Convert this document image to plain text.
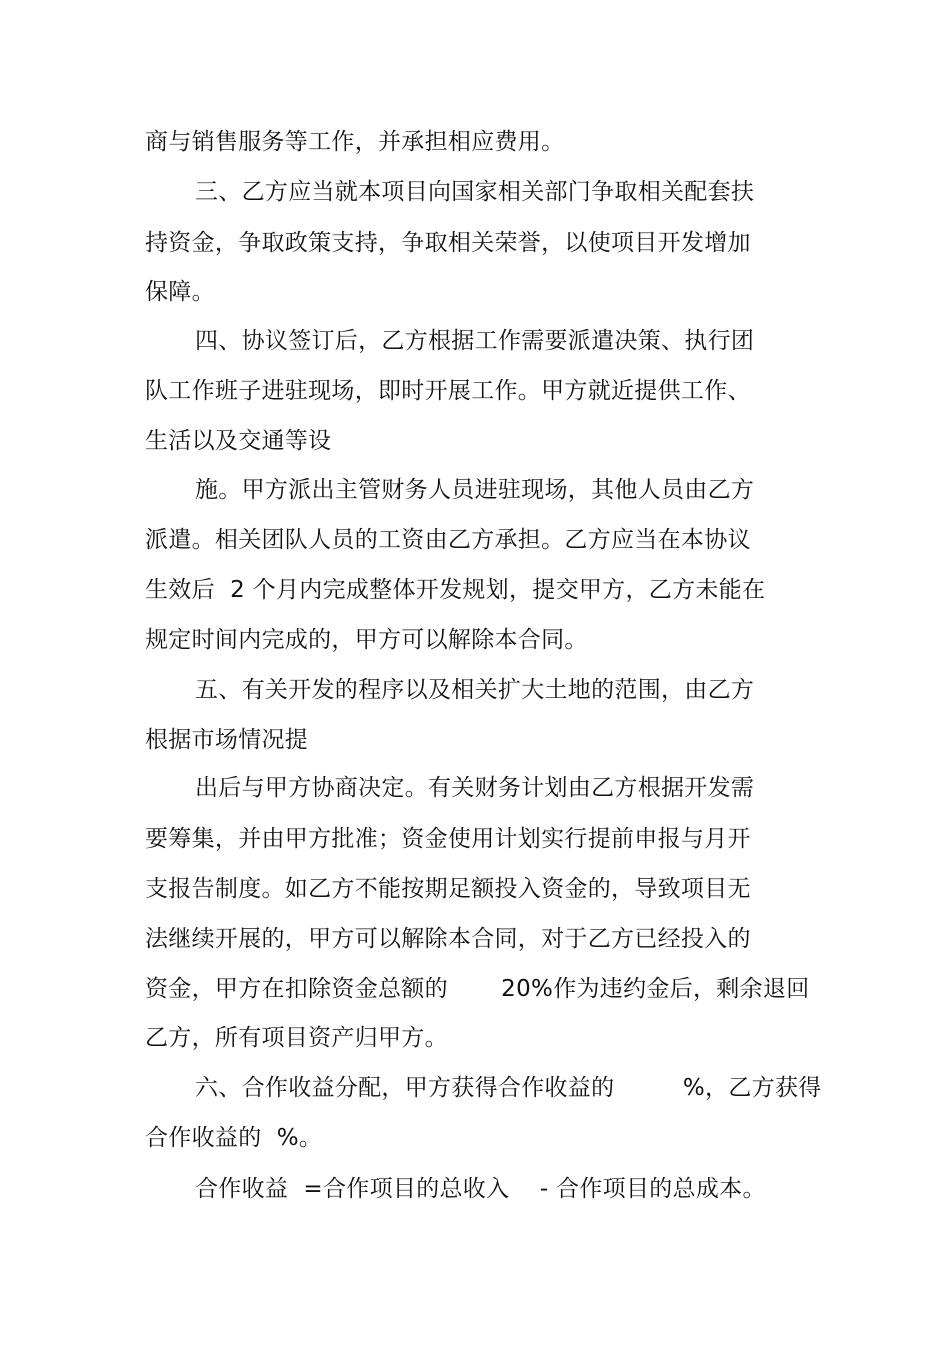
商与销售服务等工作，并承担相应费用。
三、乙方应当就本项目向国家相关部门争取相关配套扶
持资金，争取政策支持，争取相关荣誉，以使项目开发增加
保障。
四、协议签订后，乙方根据工作需要派遣决策、执行团
队工作班子进驻现场，即时开展工作。甲方就近提供工作、
生活以及交通等设
施。甲方派出主管财务人员进驻现场，其他人员由乙方
派遣。相关团队人员的工资由乙方承担。乙方应当在本协议
生效后  2 个月内完成整体开发规划，提交甲方，乙方未能在
规定时间内完成的，甲方可以解除本合同。
五、有关开发的程序以及相关扩大土地的范围，由乙方
根据市场情况提
出后与甲方协商决定。有关财务计划由乙方根据开发需
要筹集，并由甲方批准；资金使用计划实行提前申报与月开
支报告制度。如乙方不能按期足额投入资金的，导致项目无
法继续开展的，甲方可以解除本合同，对于乙方已经投入的
资金，甲方在扣除资金总额的       20%作为违约金后，剩余退回
乙方，所有项目资产归甲方。
六、合作收益分配，甲方获得合作收益的         %，乙方获得
合作收益的  %。
合作收益  =合作项目的总收入    - 合作项目的总成本。
